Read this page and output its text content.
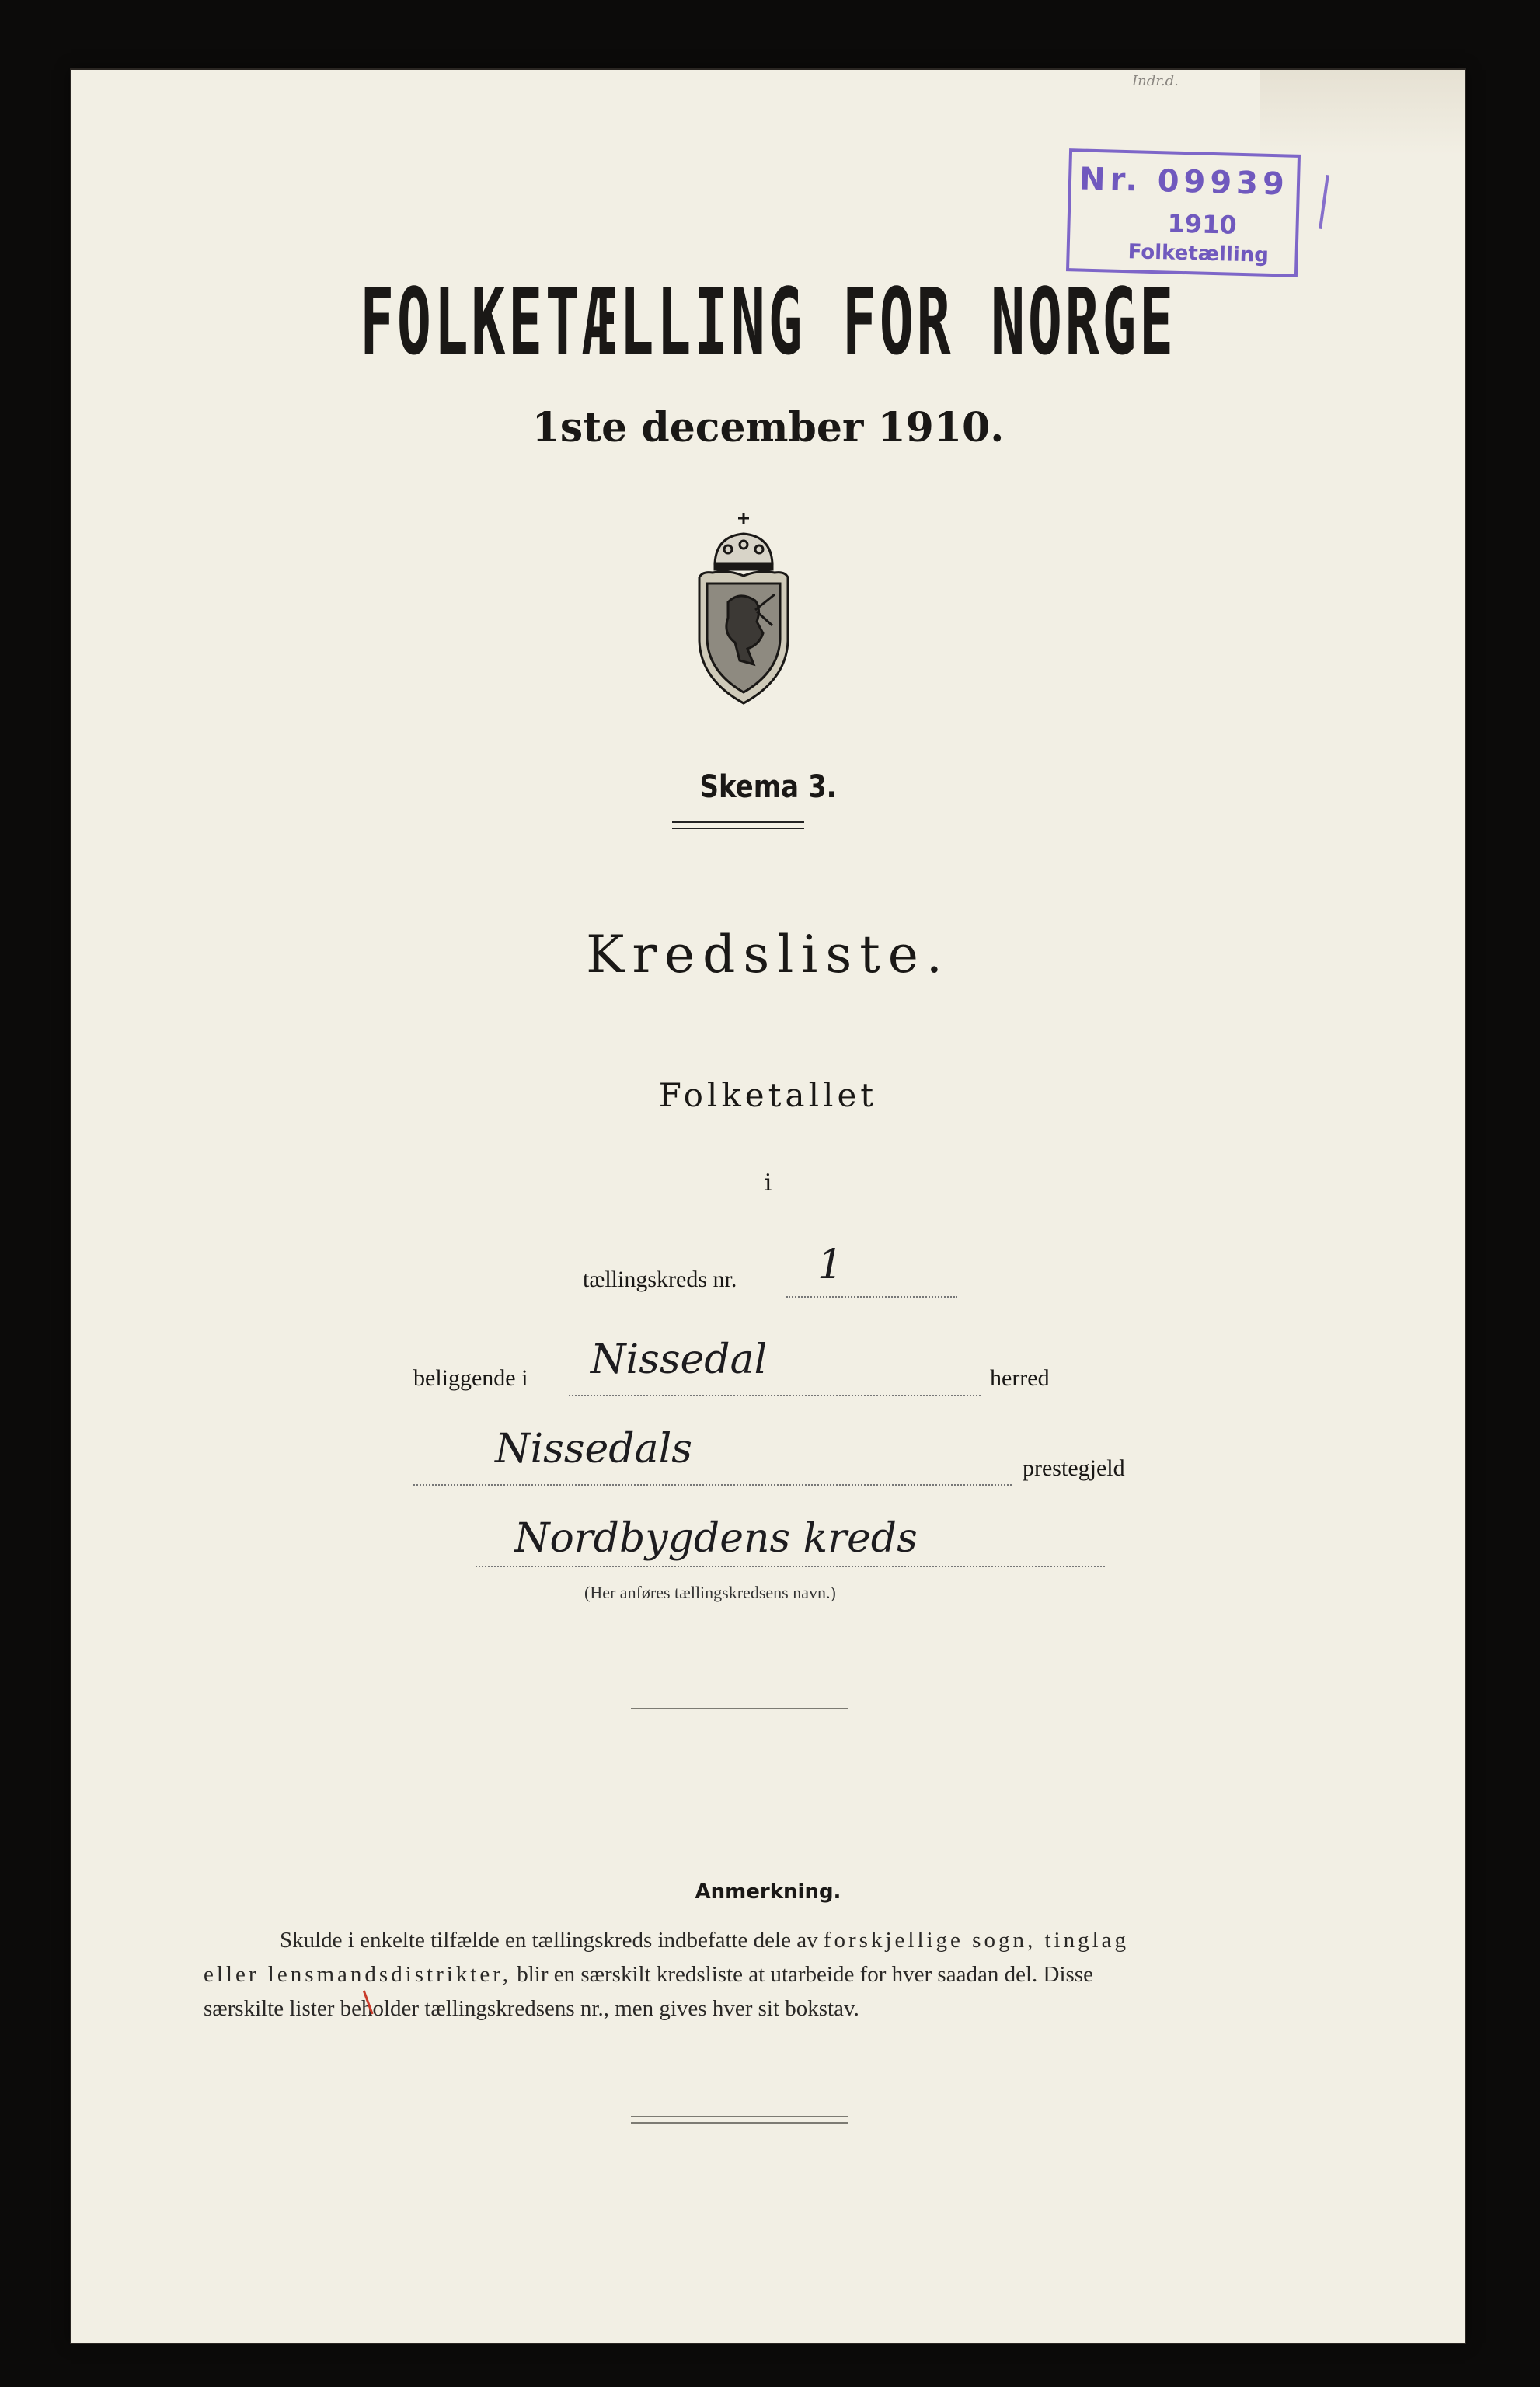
Indr.d.
Nr. 09939
1910
Folketælling
FOLKETÆLLING FOR NORGE
1ste december 1910.
Skema 3.
Kredsliste.
Folketallet
i
tællingskreds nr. 1
beliggende i Nissedal	herred
Nissedals	prestegjeld
Nordbygdens kreds
(Her anføres tællingskredsens navn.)
Anmerkning.
Skulde i enkelte tilfælde en tællingskreds indbefatte dele av forskjellige sogn, tinglag
eller lensmandsdistrikter, blir en særskilt kredsliste at utarbeide for hver saadan del. Disse
særskilte lister beholder tællingskredsens nr., men gives hver sit bokstav.
